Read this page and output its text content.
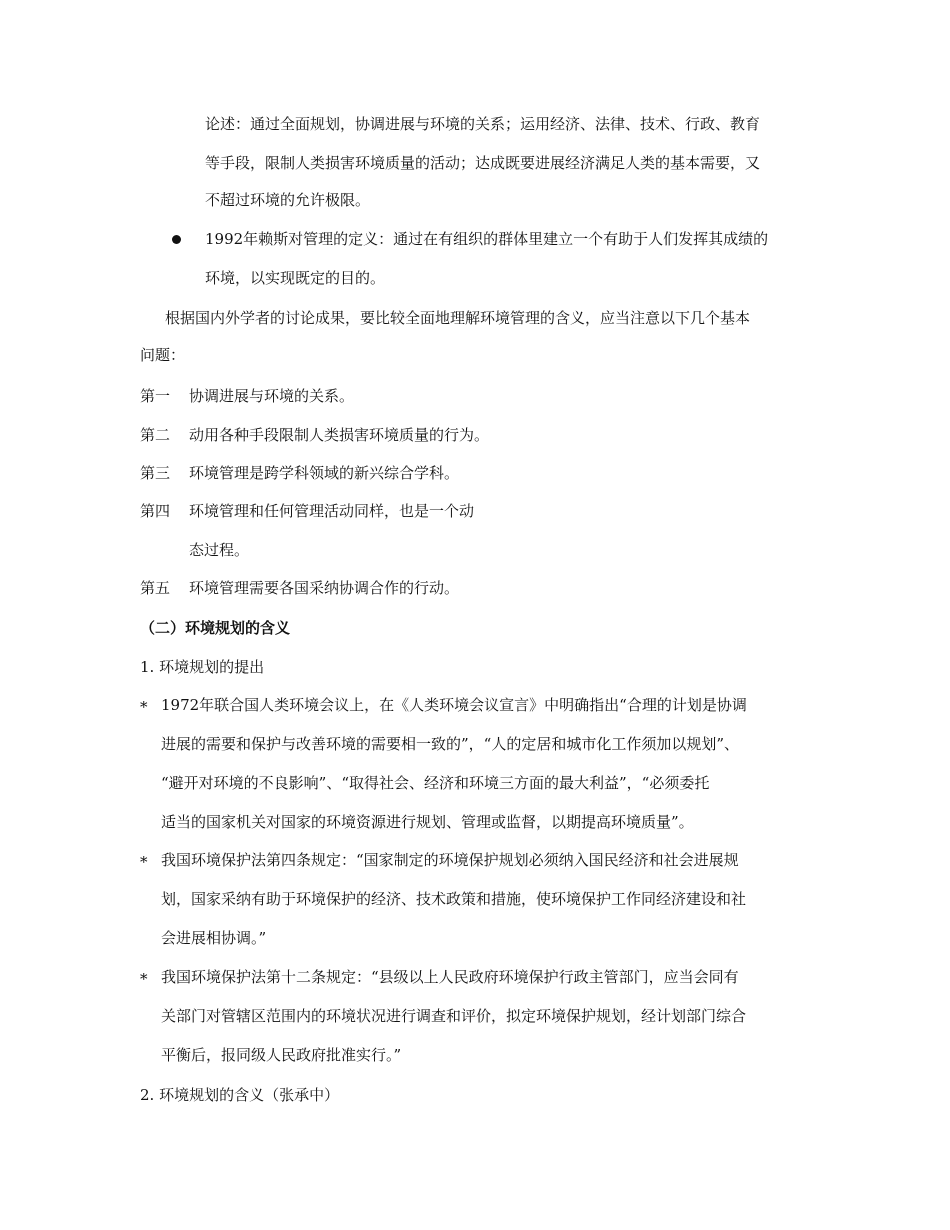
论述：通过全面规划，协调进展与环境的关系；运用经济、法律、技术、行政、教育
等手段，限制人类损害环境质量的活动；达成既要进展经济满足人类的基本需要，又
不超过环境的允许极限。
1992年赖斯对管理的定义：通过在有组织的群体里建立一个有助于人们发挥其成绩的
环境，以实现既定的目的。
根据国内外学者的讨论成果，要比较全面地理解环境管理的含义，应当注意以下几个基本
问题：
第一 协调进展与环境的关系。
第二 动用各种手段限制人类损害环境质量的行为。
第三 环境管理是跨学科领域的新兴综合学科。
第四 环境管理和任何管理活动同样，也是一个动
态过程。
第五 环境管理需要各国采纳协调合作的行动。
（二）环境规划的含义
1. 环境规划的提出
* 1972年联合国人类环境会议上，在《人类环境会议宣言》中明确指出“合理的计划是协调
进展的需要和保护与改善环境的需要相一致的”，“人的定居和城市化工作须加以规划”、
“避开对环境的不良影响”、“取得社会、经济和环境三方面的最大利益”，“必须委托
适当的国家机关对国家的环境资源进行规划、管理或监督，以期提高环境质量”。
* 我国环境保护法第四条规定：“国家制定的环境保护规划必须纳入国民经济和社会进展规
划，国家采纳有助于环境保护的经济、技术政策和措施，使环境保护工作同经济建设和社
会进展相协调。”
* 我国环境保护法第十二条规定：“县级以上人民政府环境保护行政主管部门，应当会同有
关部门对管辖区范围内的环境状况进行调查和评价，拟定环境保护规划，经计划部门综合
平衡后，报同级人民政府批准实行。”
2. 环境规划的含义（张承中）
